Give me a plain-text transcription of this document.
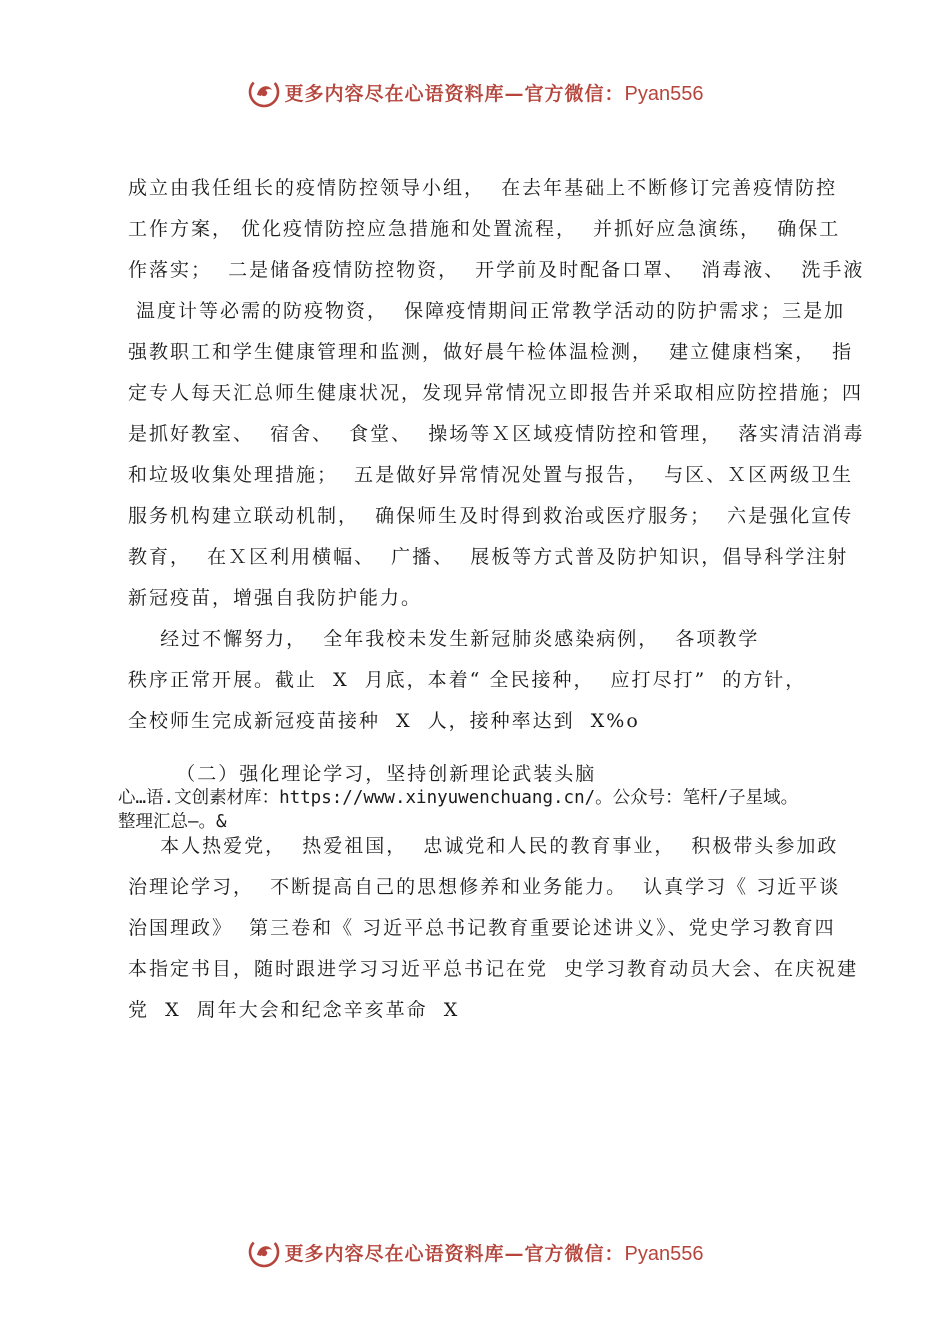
更多内容尽在心语资料库—官方微信：Pyan556
成立由我任组长的疫情防控领导小组，  在去年基础上不断修订完善疫情防控
工作方案， 优化疫情防控应急措施和处置流程，  并抓好应急演练，  确保工
作落实；  二是储备疫情防控物资，  开学前及时配备口罩、  消毒液、  洗手液
温度计等必需的防疫物资，  保障疫情期间正常教学活动的防护需求；三是加
强教职工和学生健康管理和监测，做好晨午检体温检测，  建立健康档案，  指
定专人每天汇总师生健康状况，发现异常情况立即报告并采取相应防控措施；四
是抓好教室、  宿舍、  食堂、  操场等Ｘ区域疫情防控和管理，  落实清洁消毒
和垃圾收集处理措施；  五是做好异常情况处置与报告，  与区、Ｘ区两级卫生
服务机构建立联动机制，  确保师生及时得到救治或医疗服务；  六是强化宣传
教育，  在Ｘ区利用横幅、  广播、  展板等方式普及防护知识，倡导科学注射
新冠疫苗，增强自我防护能力。
经过不懈努力，  全年我校未发生新冠肺炎感染病例，  各项教学
秩序正常开展。截止  X  月底，本着“ 全民接种，  应打尽打”  的方针，
全校师生完成新冠疫苗接种  X  人，接种率达到  X%o
（二）强化理论学习，坚持创新理论武装头脑
心…语.文创素材库：https://www.xinyuwenchuang.cn/。公众号：笔杆/子星域。
整理汇总—。&
本人热爱党，  热爱祖国，  忠诚党和人民的教育事业，  积极带头参加政
治理论学习，  不断提高自己的思想修养和业务能力。  认真学习《 习近平谈
治国理政》  第三卷和《 习近平总书记教育重要论述讲义》、党史学习教育四
本指定书目，随时跟进学习习近平总书记在党  史学习教育动员大会、在庆祝建
党  X  周年大会和纪念辛亥革命  X
更多内容尽在心语资料库—官方微信：Pyan556
